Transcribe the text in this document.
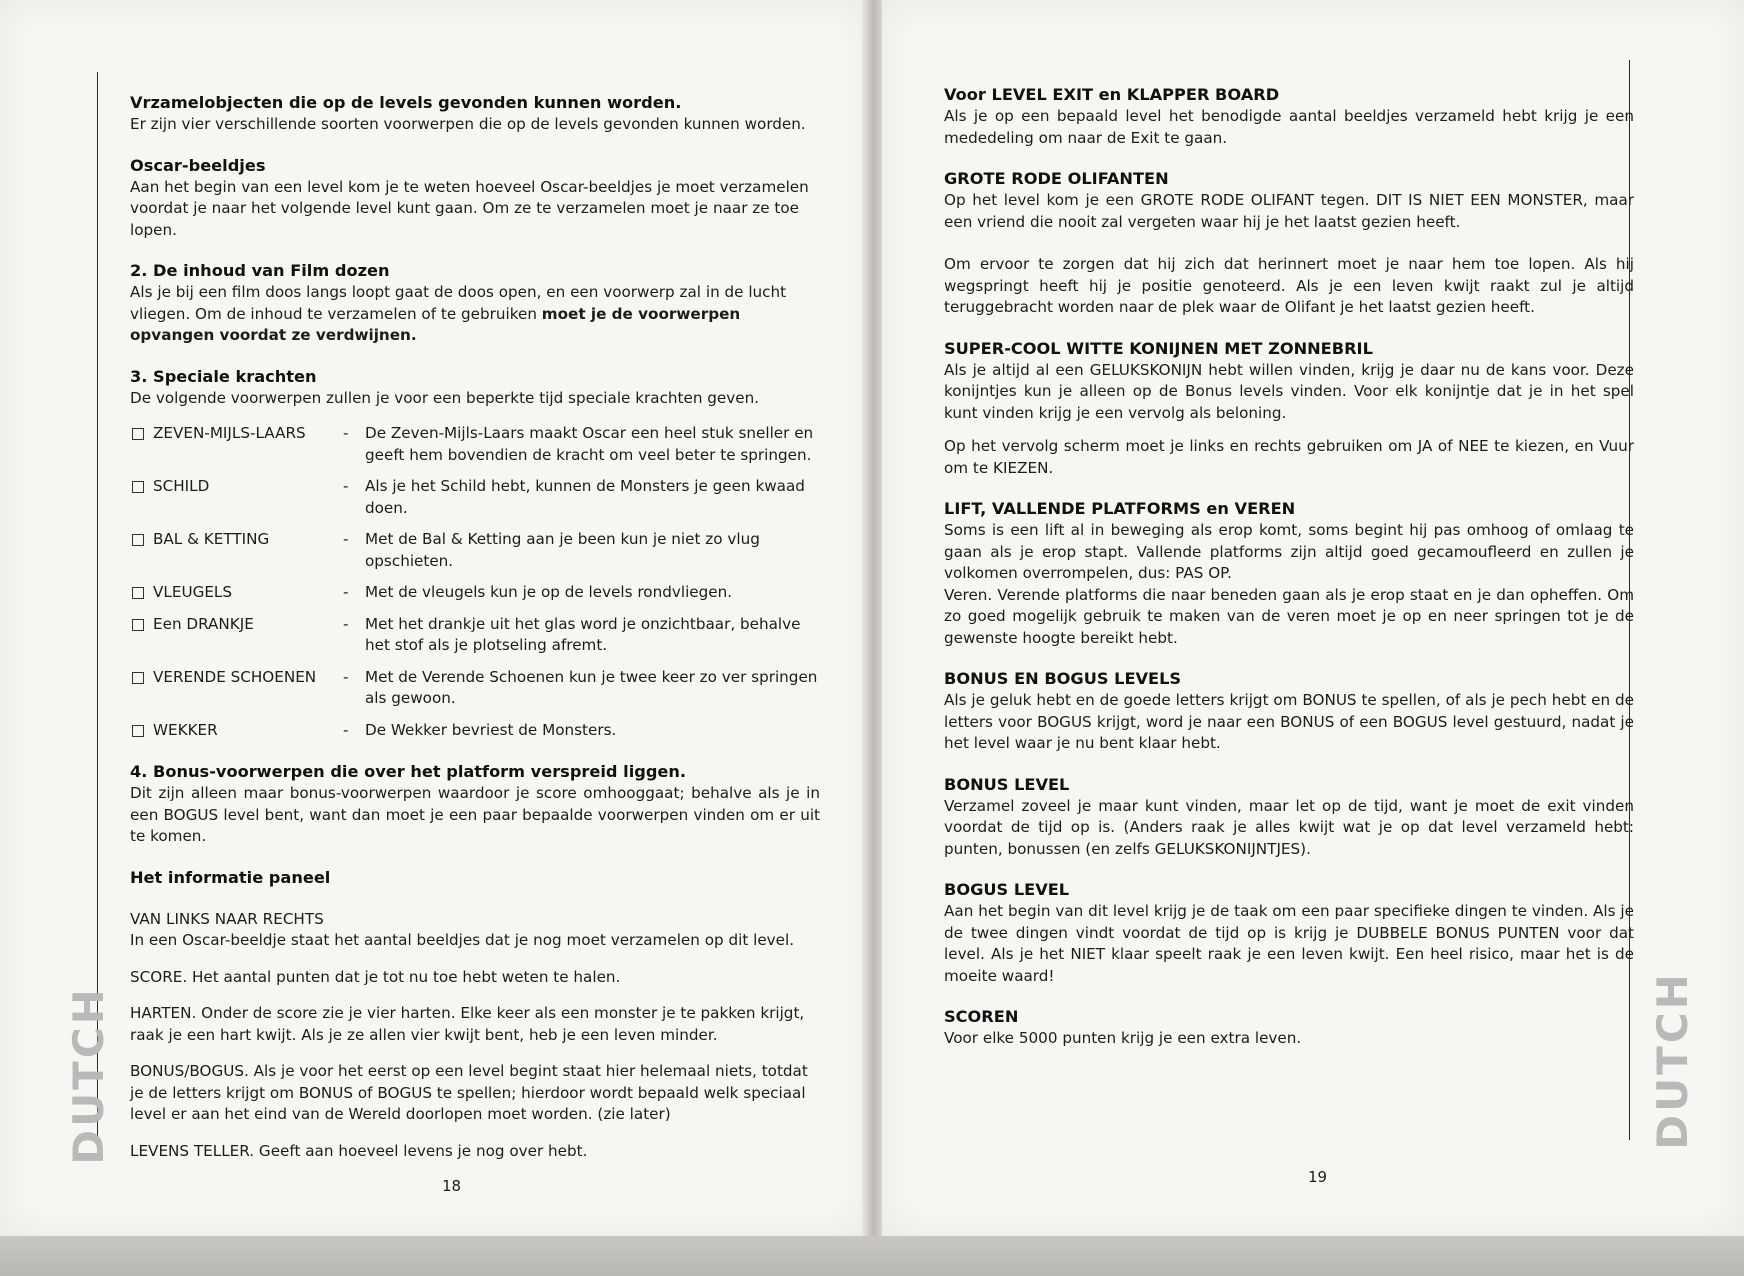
DUTCH
Vrzamelobjecten die op de levels gevonden kunnen worden.

Er zijn vier verschillende soorten voorwerpen die op de levels gevonden kunnen worden.

Oscar-beeldjes

Aan het begin van een level kom je te weten hoeveel Oscar-beeldjes je moet verzamelen voordat je naar het volgende level kunt gaan. Om ze te verzamelen moet je naar ze toe lopen.

2. De inhoud van Film dozen

Als je bij een film doos langs loopt gaat de doos open, en een voorwerp zal in de lucht vliegen. Om de inhoud te verzamelen of te gebruiken moet je de voorwerpen opvangen voordat ze verdwijnen.

3. Speciale krachten

De volgende voorwerpen zullen je voor een beperkte tijd speciale krachten geven.

ZEVEN-MIJLS-LAARS	-	De Zeven-Mijls-Laars maakt Oscar een heel stuk sneller en geeft hem bovendien de kracht om veel beter te springen.
SCHILD	-	Als je het Schild hebt, kunnen de Monsters je geen kwaad doen.
BAL & KETTING	-	Met de Bal & Ketting aan je been kun je niet zo vlug opschieten.
VLEUGELS	-	Met de vleugels kun je op de levels rondvliegen.
Een DRANKJE	-	Met het drankje uit het glas word je onzichtbaar, behalve het stof als je plotseling afremt.
VERENDE SCHOENEN	-	Met de Verende Schoenen kun je twee keer zo ver springen als gewoon.
WEKKER	-	De Wekker bevriest de Monsters.
4. Bonus-voorwerpen die over het platform verspreid liggen.

Dit zijn alleen maar bonus-voorwerpen waardoor je score omhooggaat; behalve als je in een BOGUS level bent, want dan moet je een paar bepaalde voorwerpen vinden om er uit te komen.

Het informatie paneel

VAN LINKS NAAR RECHTS

In een Oscar-beeldje staat het aantal beeldjes dat je nog moet verzamelen op dit level.

SCORE. Het aantal punten dat je tot nu toe hebt weten te halen.

HARTEN. Onder de score zie je vier harten. Elke keer als een monster je te pakken krijgt, raak je een hart kwijt. Als je ze allen vier kwijt bent, heb je een leven minder.

BONUS/BOGUS. Als je voor het eerst op een level begint staat hier helemaal niets, totdat je de letters krijgt om BONUS of BOGUS te spellen; hierdoor wordt bepaald welk speciaal level er aan het eind van de Wereld doorlopen moet worden. (zie later)

LEVENS TELLER. Geeft aan hoeveel levens je nog over hebt.

18
DUTCH
Voor LEVEL EXIT en KLAPPER BOARD

Als je op een bepaald level het benodigde aantal beeldjes verzameld hebt krijg je een mededeling om naar de Exit te gaan.

GROTE RODE OLIFANTEN

Op het level kom je een GROTE RODE OLIFANT tegen. DIT IS NIET EEN MONSTER, maar een vriend die nooit zal vergeten waar hij je het laatst gezien heeft.

Om ervoor te zorgen dat hij zich dat herinnert moet je naar hem toe lopen. Als hij wegspringt heeft hij je positie genoteerd. Als je een leven kwijt raakt zul je altijd teruggebracht worden naar de plek waar de Olifant je het laatst gezien heeft.

SUPER-COOL WITTE KONIJNEN MET ZONNEBRIL

Als je altijd al een GELUKSKONIJN hebt willen vinden, krijg je daar nu de kans voor. Deze konijntjes kun je alleen op de Bonus levels vinden. Voor elk konijntje dat je in het spel kunt vinden krijg je een vervolg als beloning.

Op het vervolg scherm moet je links en rechts gebruiken om JA of NEE te kiezen, en Vuur om te KIEZEN.

LIFT, VALLENDE PLATFORMS en VEREN

Soms is een lift al in beweging als erop komt, soms begint hij pas omhoog of omlaag te gaan als je erop stapt. Vallende platforms zijn altijd goed gecamoufleerd en zullen je volkomen overrompelen, dus: PAS OP.

Veren. Verende platforms die naar beneden gaan als je erop staat en je dan opheffen. Om zo goed mogelijk gebruik te maken van de veren moet je op en neer springen tot je de gewenste hoogte bereikt hebt.

BONUS EN BOGUS LEVELS

Als je geluk hebt en de goede letters krijgt om BONUS te spellen, of als je pech hebt en de letters voor BOGUS krijgt, word je naar een BONUS of een BOGUS level gestuurd, nadat je het level waar je nu bent klaar hebt.

BONUS LEVEL

Verzamel zoveel je maar kunt vinden, maar let op de tijd, want je moet de exit vinden voordat de tijd op is. (Anders raak je alles kwijt wat je op dat level verzameld hebt: punten, bonussen (en zelfs GELUKSKONIJNTJES).

BOGUS LEVEL

Aan het begin van dit level krijg je de taak om een paar specifieke dingen te vinden. Als je de twee dingen vindt voordat de tijd op is krijg je DUBBELE BONUS PUNTEN voor dat level. Als je het NIET klaar speelt raak je een leven kwijt. Een heel risico, maar het is de moeite waard!

SCOREN

Voor elke 5000 punten krijg je een extra leven.

19
